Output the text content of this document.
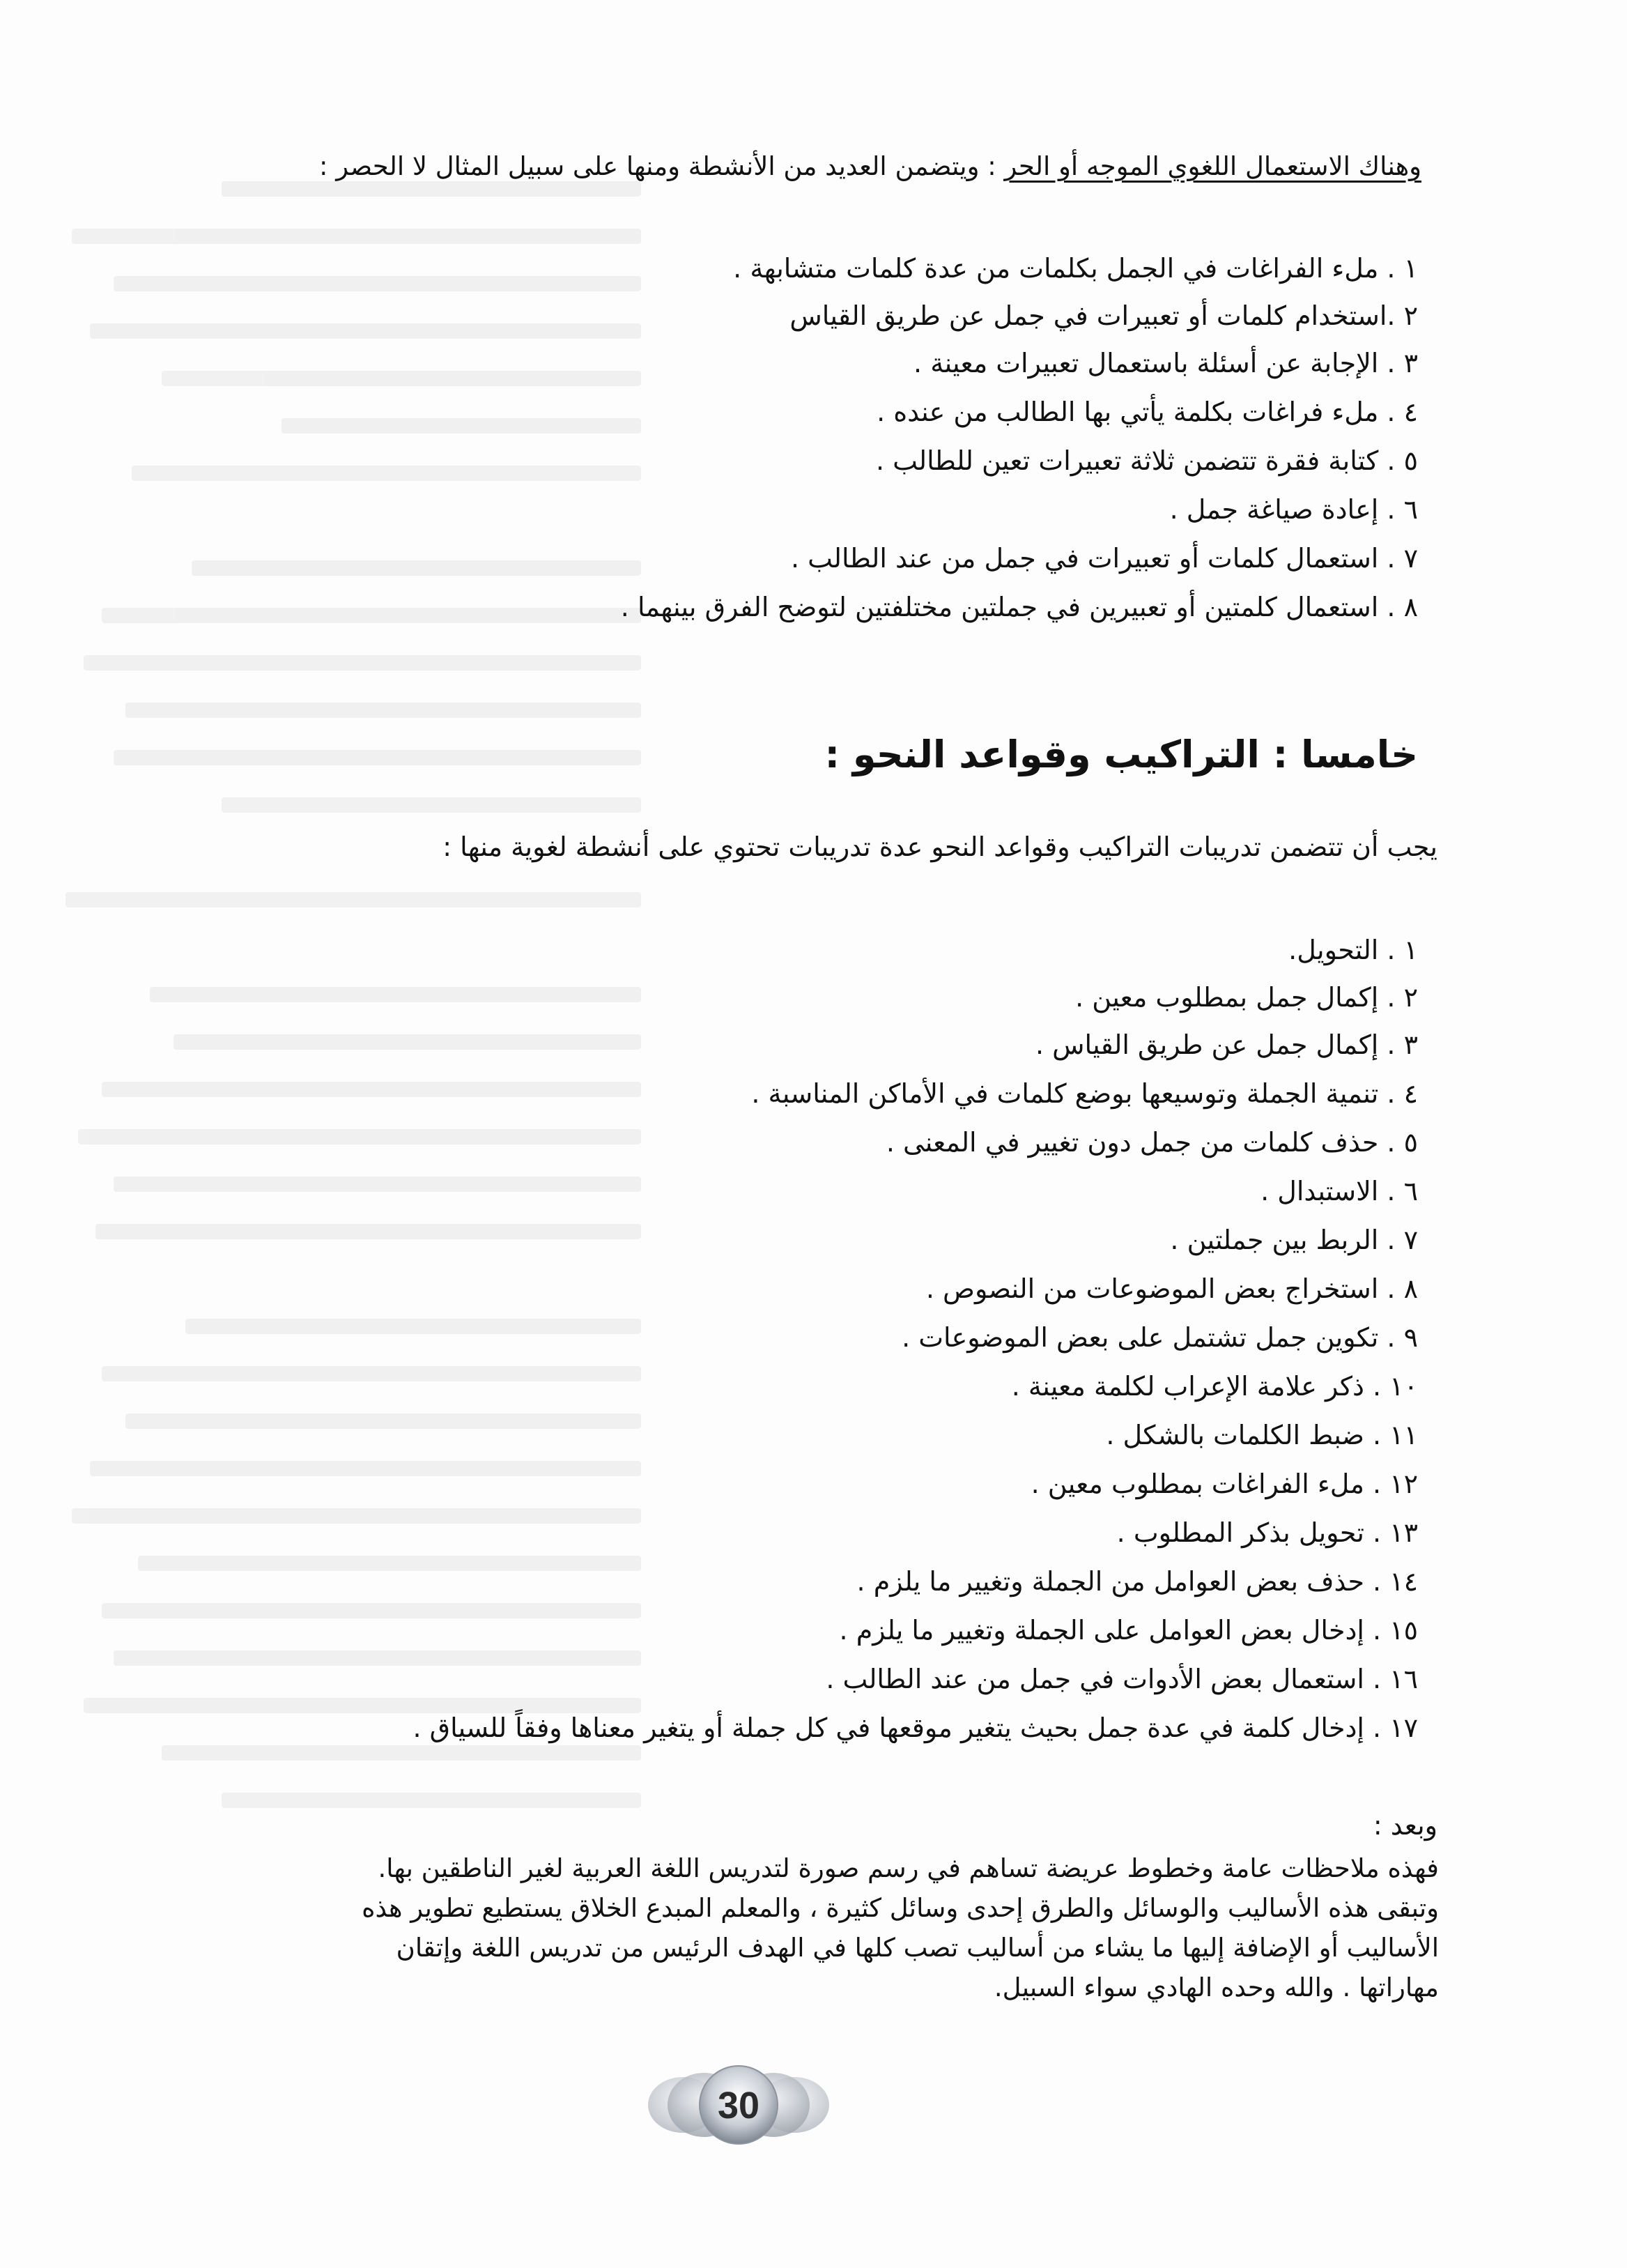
وهناك الاستعمال اللغوي الموجه أو الحر : ويتضمن العديد من الأنشطة ومنها على سبيل المثال لا الحصر :
١ . ملء الفراغات في الجمل بكلمات من عدة كلمات متشابهة .
٢ .استخدام كلمات أو تعبيرات في جمل عن طريق القياس
٣ . الإجابة عن أسئلة باستعمال تعبيرات معينة .
٤ . ملء فراغات بكلمة يأتي بها الطالب من عنده .
٥ . كتابة فقرة تتضمن ثلاثة تعبيرات تعين للطالب .
٦ . إعادة صياغة جمل .
٧ . استعمال كلمات أو تعبيرات في جمل من عند الطالب .
٨ . استعمال كلمتين أو تعبيرين في جملتين مختلفتين لتوضح الفرق بينهما .
خامسا : التراكيب وقواعد النحو :
يجب أن تتضمن تدريبات التراكيب وقواعد النحو عدة تدريبات تحتوي على أنشطة لغوية منها :
١ . التحويل.
٢ . إكمال جمل بمطلوب معين .
٣ . إكمال جمل عن طريق القياس .
٤ . تنمية الجملة وتوسيعها بوضع كلمات في الأماكن المناسبة .
٥ . حذف كلمات من جمل دون تغيير في المعنى .
٦ . الاستبدال .
٧ . الربط بين جملتين .
٨ . استخراج بعض الموضوعات من النصوص .
٩ . تكوين جمل تشتمل على بعض الموضوعات .
١٠ . ذكر علامة الإعراب لكلمة معينة .
١١ . ضبط الكلمات بالشكل .
١٢ . ملء الفراغات بمطلوب معين .
١٣ . تحويل بذكر المطلوب .
١٤ . حذف بعض العوامل من الجملة وتغيير ما يلزم .
١٥ . إدخال بعض العوامل على الجملة وتغيير ما يلزم .
١٦ . استعمال بعض الأدوات في جمل من عند الطالب .
١٧ . إدخال كلمة في عدة جمل بحيث يتغير موقعها في كل جملة أو يتغير معناها وفقاً للسياق .
وبعد :
فهذه ملاحظات عامة وخطوط عريضة تساهم في رسم صورة لتدريس اللغة العربية لغير الناطقين بها.
وتبقى هذه الأساليب والوسائل والطرق إحدى وسائل كثيرة ، والمعلم المبدع الخلاق يستطيع تطوير هذه
الأساليب أو الإضافة إليها ما يشاء من أساليب تصب كلها في الهدف الرئيس من تدريس اللغة وإتقان
مهاراتها . والله وحده الهادي سواء السبيل.
30
